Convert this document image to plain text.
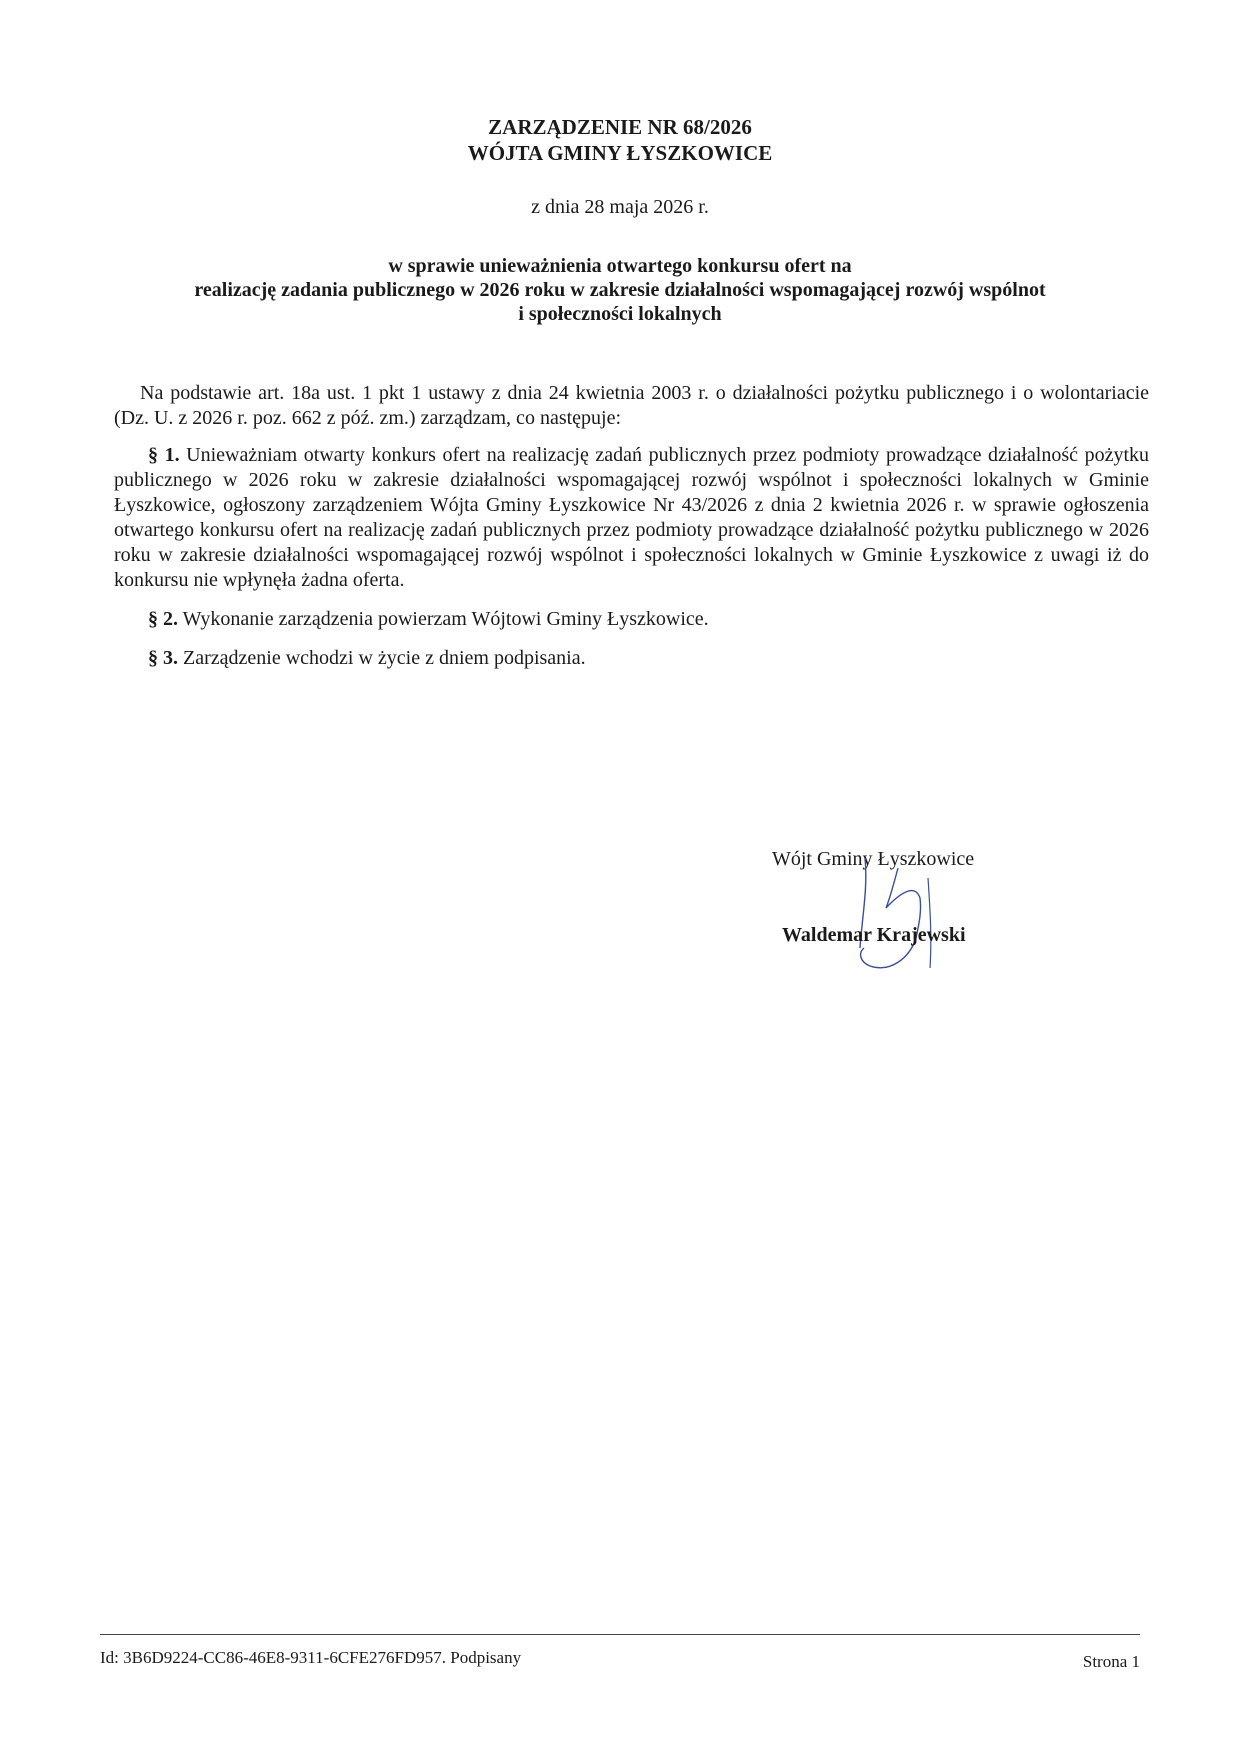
ZARZĄDZENIE NR 68/2026
WÓJTA GMINY ŁYSZKOWICE
z dnia 28 maja 2026 r.
w sprawie unieważnienia otwartego konkursu ofert na
realizację zadania publicznego w 2026 roku w zakresie działalności wspomagającej rozwój wspólnot
i społeczności lokalnych

Na podstawie art. 18a ust. 1 pkt 1 ustawy z dnia 24 kwietnia 2003 r. o działalności pożytku publicznego i o wolontariacie (Dz. U. z 2026 r. poz. 662 z póź. zm.) zarządzam, co następuje:

§ 1. Unieważniam otwarty konkurs ofert na realizację zadań publicznych przez podmioty prowadzące działalność pożytku publicznego w 2026 roku w zakresie działalności wspomagającej rozwój wspólnot i społeczności lokalnych w Gminie Łyszkowice, ogłoszony zarządzeniem Wójta Gminy Łyszkowice Nr 43/2026 z dnia 2 kwietnia 2026 r. w sprawie ogłoszenia otwartego konkursu ofert na realizację zadań publicznych przez podmioty prowadzące działalność pożytku publicznego w 2026 roku w zakresie działalności wspomagającej rozwój wspólnot i społeczności lokalnych w Gminie Łyszkowice z uwagi iż do konkursu nie wpłynęła żadna oferta.

§ 2. Wykonanie zarządzenia powierzam Wójtowi Gminy Łyszkowice.

§ 3. Zarządzenie wchodzi w życie z dniem podpisania.

Wójt Gminy Łyszkowice
Waldemar Krajewski
Id: 3B6D9224-CC86-46E8-9311-6CFE276FD957. Podpisany	Strona 1
